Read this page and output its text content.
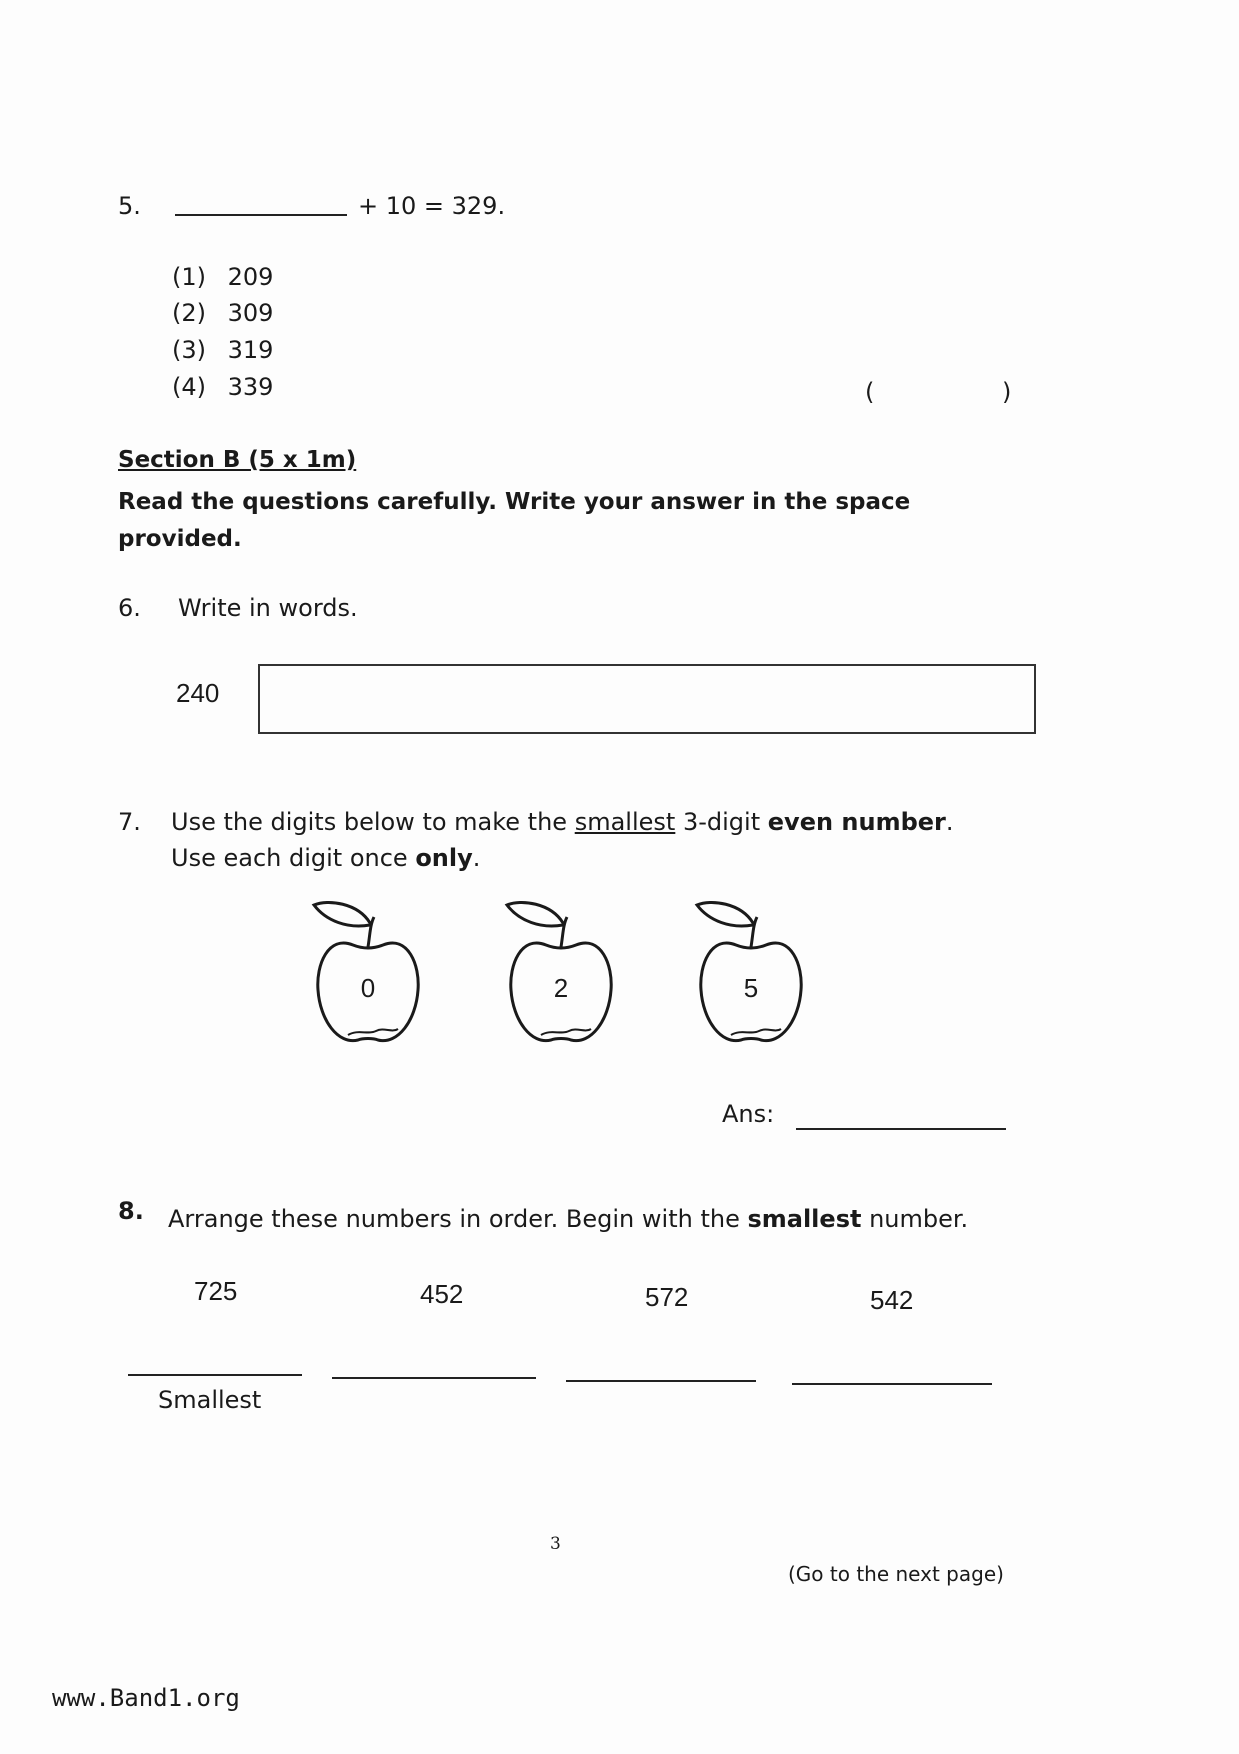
5.	+ 10 = 329.
(1) 209
(2) 309
(3) 319
(4) 339	(	)
Section B (5 x 1m)
Read the questions carefully. Write your answer in the space provided.
6. Write in words.
240
7. Use the digits below to make the smallest 3-digit even number.
Use each digit once only.
0	2	5
Ans:
8. Arrange these numbers in order. Begin with the smallest number.
725	452	572	542
Smallest
3
(Go to the next page)
www.Band1.org
